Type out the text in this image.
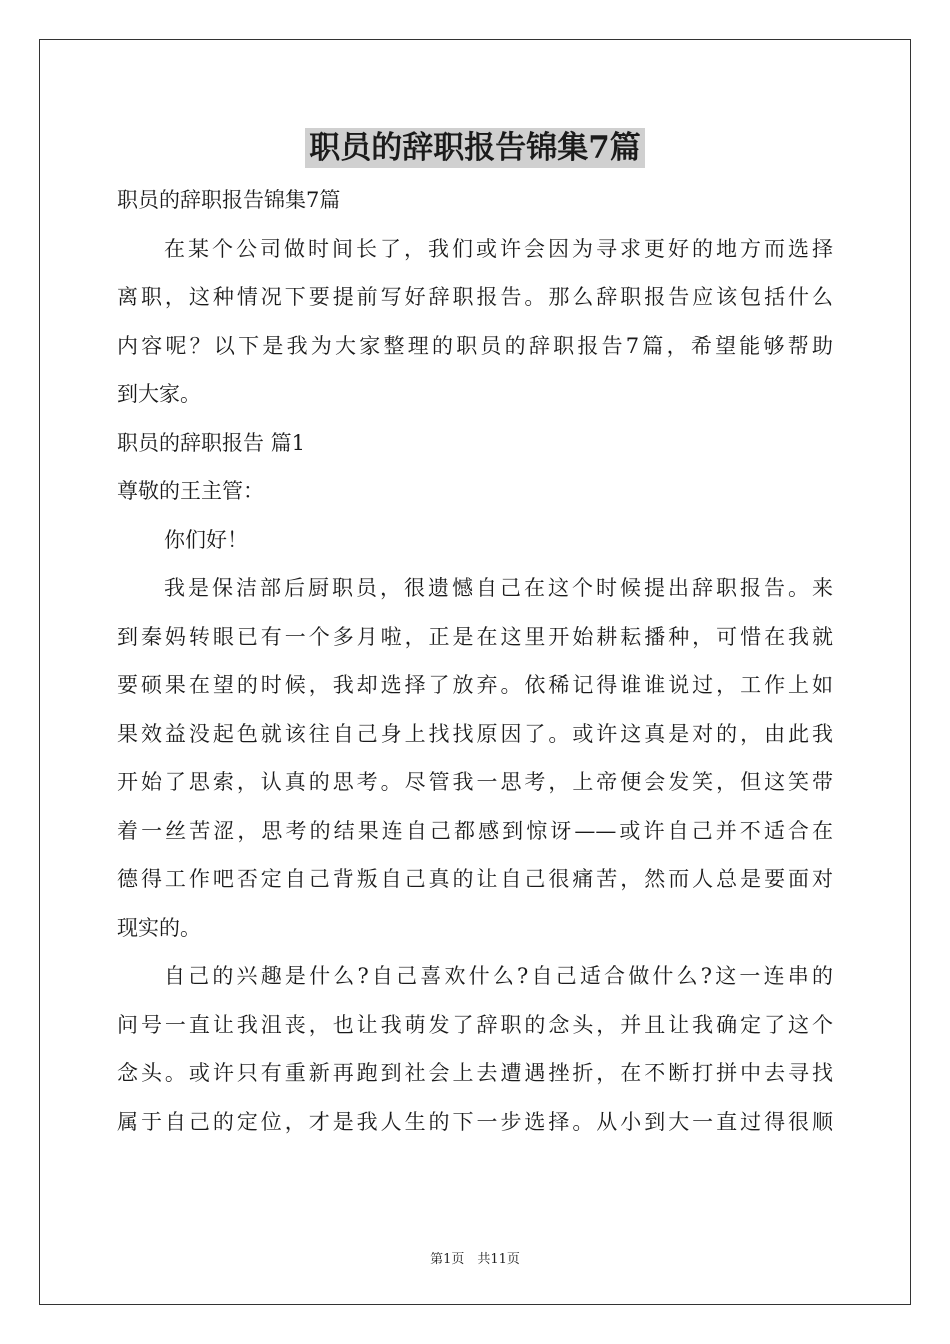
职员的辞职报告锦集7篇
职员的辞职报告锦集7篇
在某个公司做时间长了，我们或许会因为寻求更好的地方而选择
离职，这种情况下要提前写好辞职报告。那么辞职报告应该包括什么
内容呢？以下是我为大家整理的职员的辞职报告7篇，希望能够帮助
到大家。
职员的辞职报告 篇1
尊敬的王主管：
你们好！
我是保洁部后厨职员，很遗憾自己在这个时候提出辞职报告。来
到秦妈转眼已有一个多月啦，正是在这里开始耕耘播种，可惜在我就
要硕果在望的时候，我却选择了放弃。依稀记得谁谁说过，工作上如
果效益没起色就该往自己身上找找原因了。或许这真是对的，由此我
开始了思索，认真的思考。尽管我一思考，上帝便会发笑，但这笑带
着一丝苦涩，思考的结果连自己都感到惊讶——或许自己并不适合在
德得工作吧否定自己背叛自己真的让自己很痛苦，然而人总是要面对
现实的。
自己的兴趣是什么?自己喜欢什么?自己适合做什么?这一连串的
问号一直让我沮丧，也让我萌发了辞职的念头，并且让我确定了这个
念头。或许只有重新再跑到社会上去遭遇挫折，在不断打拼中去寻找
属于自己的定位，才是我人生的下一步选择。从小到大一直过得很顺
第1页　共11页
